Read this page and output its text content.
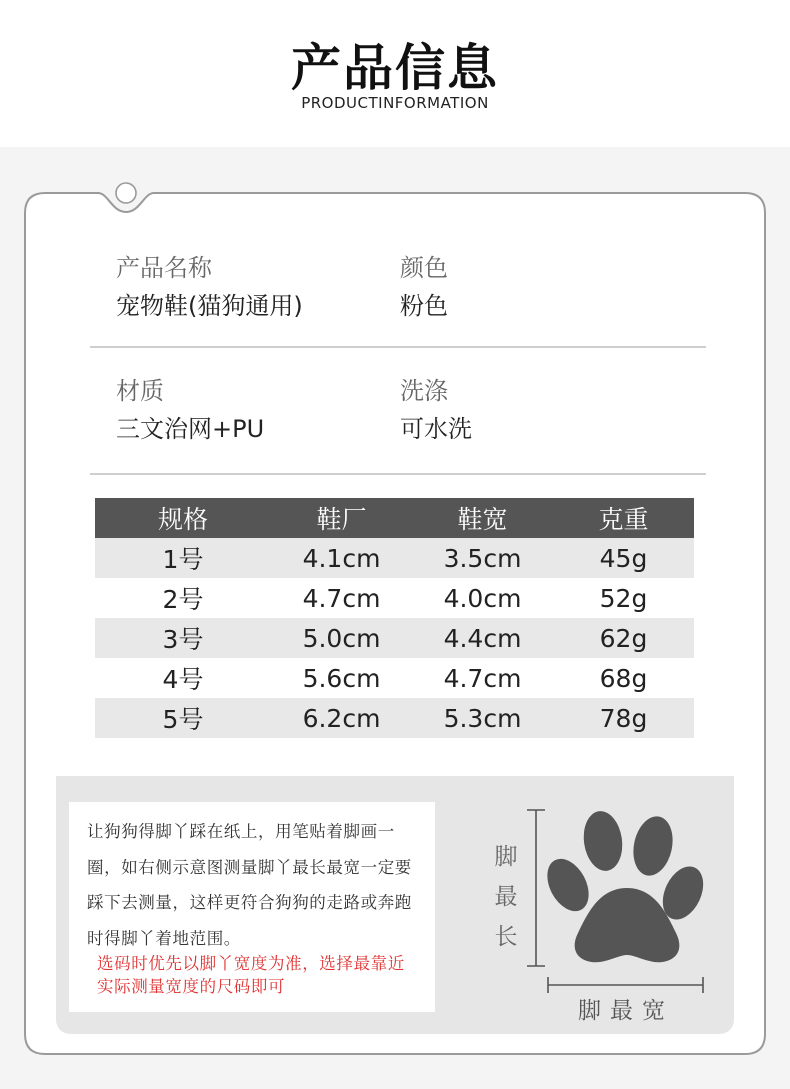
产品信息
PRODUCTINFORMATION
产品名称
宠物鞋(猫狗通用)
颜色
粉色
材质
三文治网+PU
洗涤
可水洗
规格	鞋厂	鞋宽	克重
1号	4.1cm	3.5cm	45g
2号	4.7cm	4.0cm	52g
3号	5.0cm	4.4cm	62g
4号	5.6cm	4.7cm	68g
5号	6.2cm	5.3cm	78g
让狗狗得脚丫踩在纸上，用笔贴着脚画一圈，如右侧示意图测量脚丫最长最宽一定要踩下去测量，这样更符合狗狗的走路或奔跑时得脚丫着地范围。
选码时优先以脚丫宽度为准，选择最靠近实际测量宽度的尺码即可
脚
最
长
脚最宽
